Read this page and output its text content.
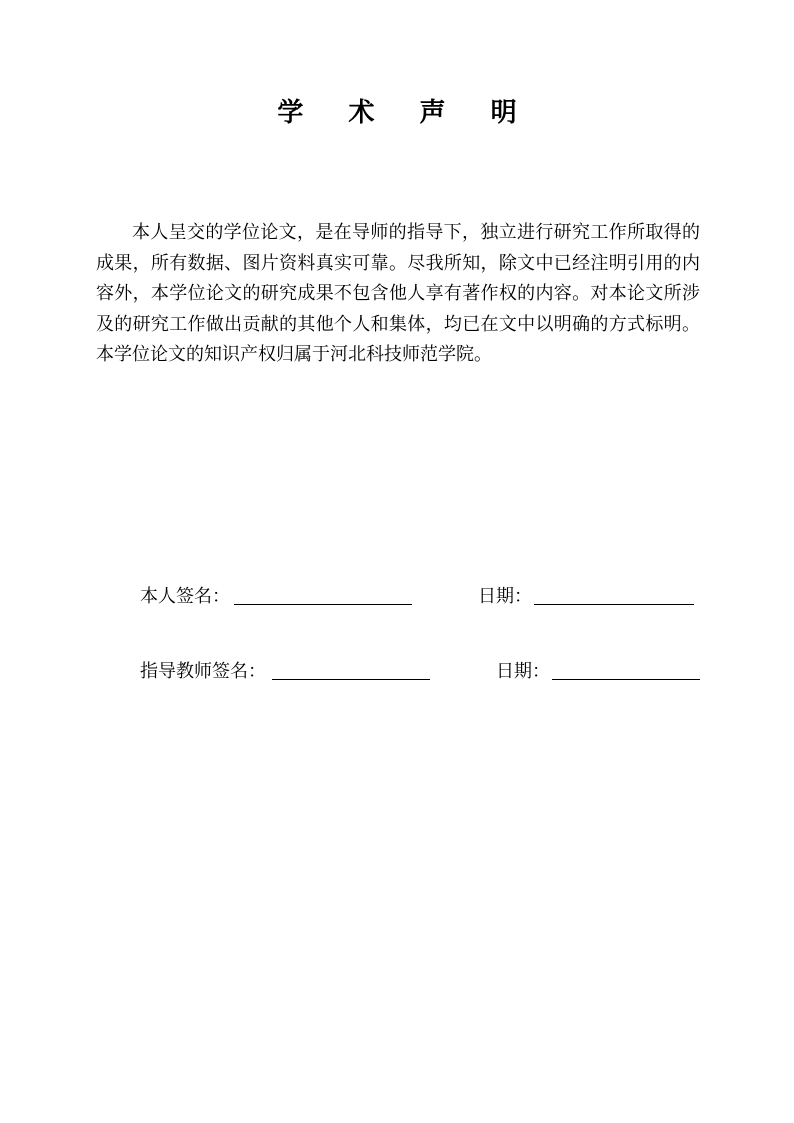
学 术 声 明

本人呈交的学位论文，是在导师的指导下，独立进行研究工作所取得的成果，所有数据、图片资料真实可靠。尽我所知，除文中已经注明引用的内容外，本学位论文的研究成果不包含他人享有著作权的内容。对本论文所涉及的研究工作做出贡献的其他个人和集体，均已在文中以明确的方式标明。本学位论文的知识产权归属于河北科技师范学院。

本人签名：	日期：
指导教师签名：	日期：
